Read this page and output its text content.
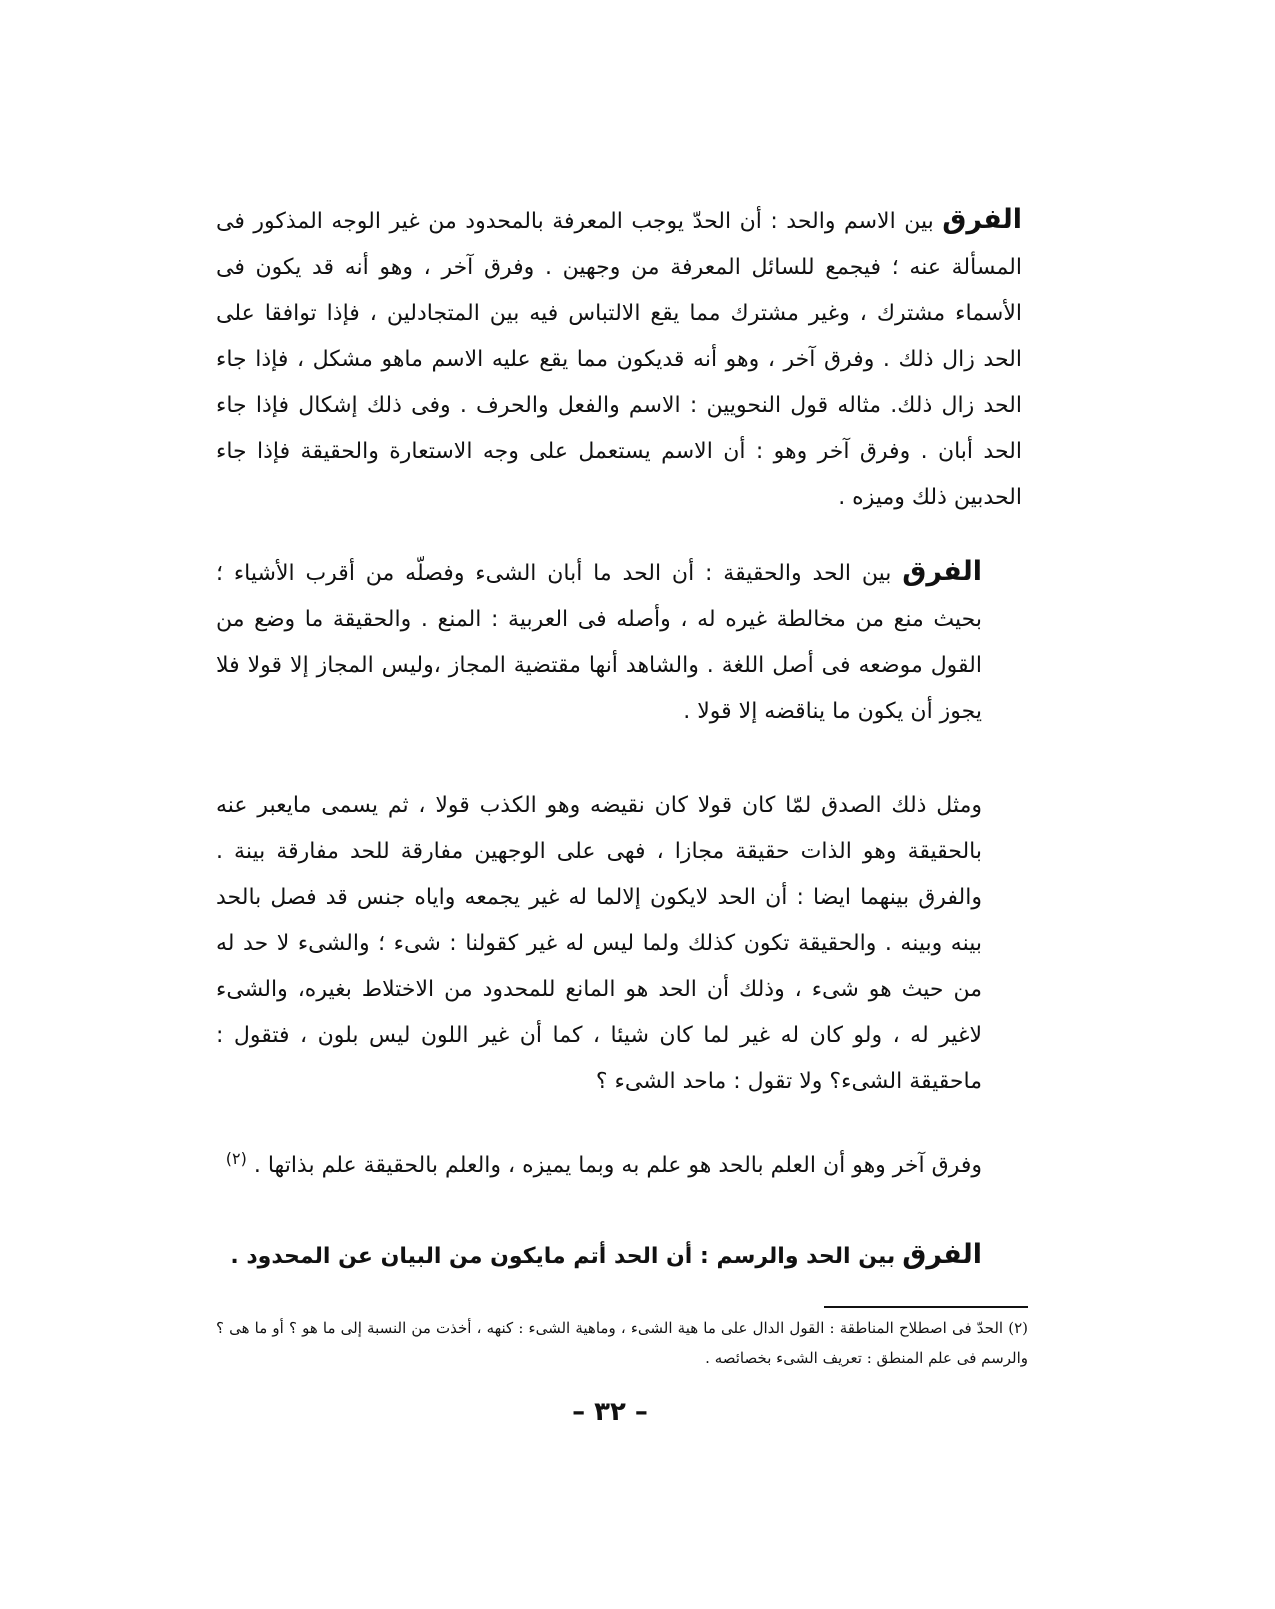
الفرق بين الاسم والحد : أن الحدّ يوجب المعرفة بالمحدود من غير الوجه المذكور فى المسألة عنه ؛ فيجمع للسائل المعرفة من وجهين . وفرق آخر ، وهو أنه قد يكون فى الأسماء مشترك ، وغير مشترك مما يقع الالتباس فيه بين المتجادلين ، فإذا توافقا على الحد زال ذلك . وفرق آخر ، وهو أنه قديكون مما يقع عليه الاسم ماهو مشكل ، فإذا جاء الحد زال ذلك. مثاله قول النحويين : الاسم والفعل والحرف . وفى ذلك إشكال فإذا جاء الحد أبان . وفرق آخر وهو : أن الاسم يستعمل على وجه الاستعارة والحقيقة فإذا جاء الحدبين ذلك وميزه .

الفرق بين الحد والحقيقة : أن الحد ما أبان الشىء وفصلّه من أقرب الأشياء ؛ بحيث منع من مخالطة غيره له ، وأصله فى العربية : المنع . والحقيقة ما وضع من القول موضعه فى أصل اللغة . والشاهد أنها مقتضية المجاز ،وليس المجاز إلا قولا فلا يجوز أن يكون ما يناقضه إلا قولا .

ومثل ذلك الصدق لمّا كان قولا كان نقيضه وهو الكذب قولا ، ثم يسمى مايعبر عنه بالحقيقة وهو الذات حقيقة مجازا ، فهى على الوجهين مفارقة للحد مفارقة بينة . والفرق بينهما ايضا : أن الحد لايكون إلالما له غير يجمعه واياه جنس قد فصل بالحد بينه وبينه . والحقيقة تكون كذلك ولما ليس له غير كقولنا : شىء ؛ والشىء لا حد له من حيث هو شىء ، وذلك أن الحد هو المانع للمحدود من الاختلاط بغيره، والشىء لاغير له ، ولو كان له غير لما كان شيئا ، كما أن غير اللون ليس بلون ، فتقول : ماحقيقة الشىء؟ ولا تقول : ماحد الشىء ؟

وفرق آخر وهو أن العلم بالحد هو علم به وبما يميزه ، والعلم بالحقيقة علم بذاتها . $^{(٢)}$

الفرق بين الحد والرسم : أن الحد أتم مايكون من البيان عن المحدود .

(٢) الحدّ فى اصطلاح المناطقة : القول الدال على ما هية الشىء ، وماهية الشىء : كنهه ، أخذت من النسبة إلى ما هو ؟ أو ما هى ؟ والرسم فى علم المنطق : تعريف الشىء بخصائصه .
– ٣٢ –
